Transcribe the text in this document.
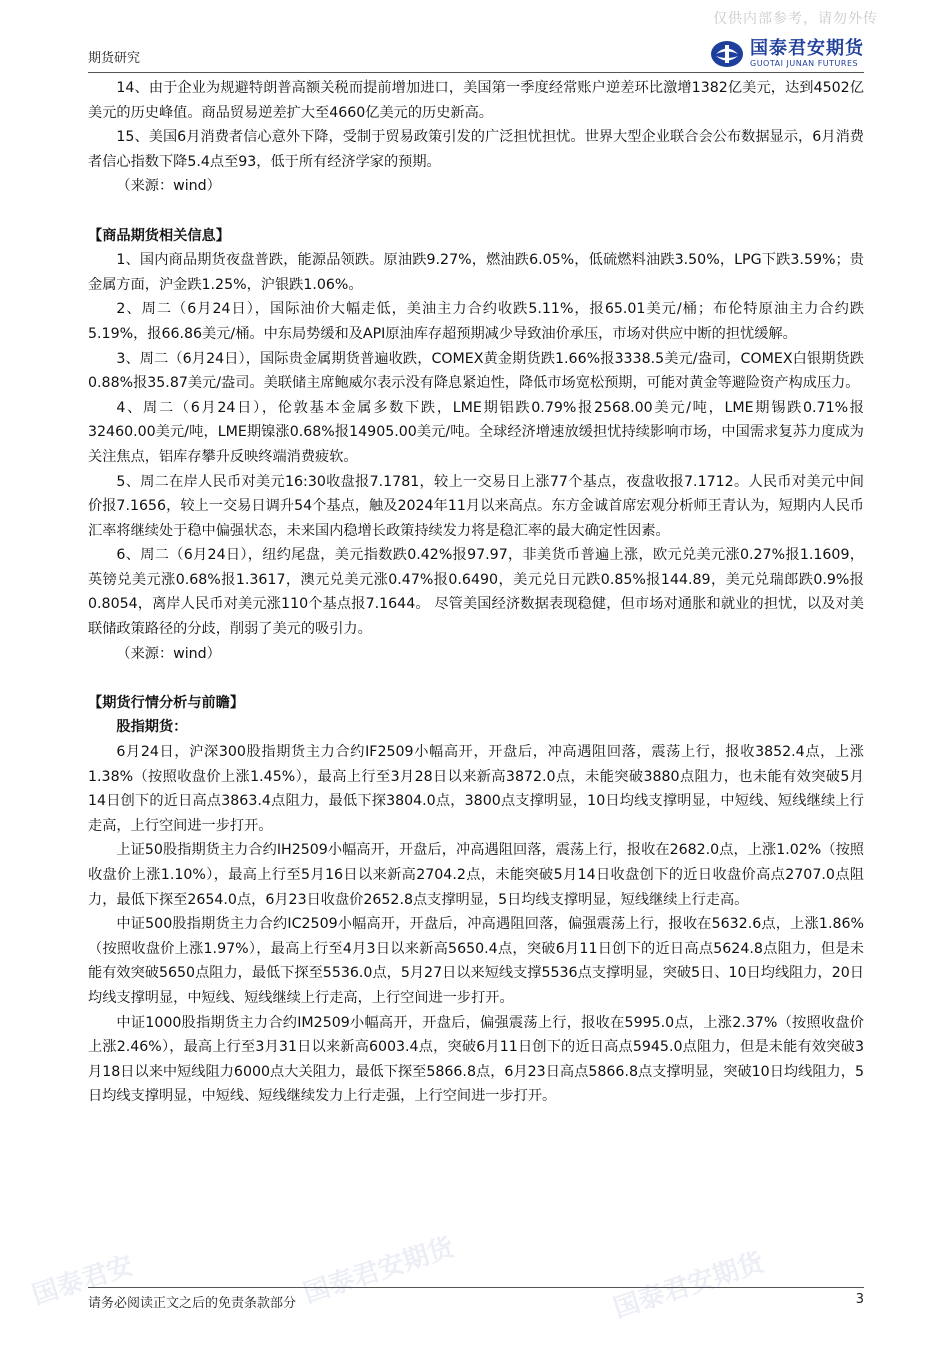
仅供内部参考，请勿外传
期货研究	国泰君安期货
GUOTAI JUNAN FUTURES

14、由于企业为规避特朗普高额关税而提前增加进口，美国第一季度经常账户逆差环比激增1382亿美元，达到4502亿美元的历史峰值。商品贸易逆差扩大至4660亿美元的历史新高。

15、美国6月消费者信心意外下降，受制于贸易政策引发的广泛担忧担忧。世界大型企业联合会公布数据显示，6月消费者信心指数下降5.4点至93，低于所有经济学家的预期。

（来源：wind）

【商品期货相关信息】

1、国内商品期货夜盘普跌，能源品领跌。原油跌9.27%，燃油跌6.05%，低硫燃料油跌3.50%，LPG下跌3.59%；贵金属方面，沪金跌1.25%，沪银跌1.06%。

2、周二（6月24日），国际油价大幅走低，美油主力合约收跌5.11%，报65.01美元/桶；布伦特原油主力合约跌5.19%，报66.86美元/桶。中东局势缓和及API原油库存超预期减少导致油价承压，市场对供应中断的担忧缓解。

3、周二（6月24日），国际贵金属期货普遍收跌，COMEX黄金期货跌1.66%报3338.5美元/盎司，COMEX白银期货跌0.88%报35.87美元/盎司。美联储主席鲍威尔表示没有降息紧迫性，降低市场宽松预期，可能对黄金等避险资产构成压力。

4、周二（6月24日），伦敦基本金属多数下跌，LME期铝跌0.79%报2568.00美元/吨，LME期锡跌0.71%报32460.00美元/吨，LME期镍涨0.68%报14905.00美元/吨。全球经济增速放缓担忧持续影响市场，中国需求复苏力度成为关注焦点，铝库存攀升反映终端消费疲软。

5、周二在岸人民币对美元16:30收盘报7.1781，较上一交易日上涨77个基点，夜盘收报7.1712。人民币对美元中间价报7.1656，较上一交易日调升54个基点，触及2024年11月以来高点。东方金诚首席宏观分析师王青认为，短期内人民币汇率将继续处于稳中偏强状态，未来国内稳增长政策持续发力将是稳汇率的最大确定性因素。

6、周二（6月24日），纽约尾盘，美元指数跌0.42%报97.97，非美货币普遍上涨，欧元兑美元涨0.27%报1.1609，英镑兑美元涨0.68%报1.3617，澳元兑美元涨0.47%报0.6490，美元兑日元跌0.85%报144.89，美元兑瑞郎跌0.9%报0.8054，离岸人民币对美元涨110个基点报7.1644。 尽管美国经济数据表现稳健，但市场对通胀和就业的担忧，以及对美联储政策路径的分歧，削弱了美元的吸引力。

（来源：wind）

【期货行情分析与前瞻】

股指期货：

6月24日，沪深300股指期货主力合约IF2509小幅高开，开盘后，冲高遇阻回落，震荡上行，报收3852.4点，上涨1.38%（按照收盘价上涨1.45%），最高上行至3月28日以来新高3872.0点，未能突破3880点阻力，也未能有效突破5月14日创下的近日高点3863.4点阻力，最低下探3804.0点，3800点支撑明显，10日均线支撑明显，中短线、短线继续上行走高，上行空间进一步打开。

上证50股指期货主力合约IH2509小幅高开，开盘后，冲高遇阻回落，震荡上行，报收在2682.0点，上涨1.02%（按照收盘价上涨1.10%），最高上行至5月16日以来新高2704.2点，未能突破5月14日收盘创下的近日收盘价高点2707.0点阻力，最低下探至2654.0点，6月23日收盘价2652.8点支撑明显，5日均线支撑明显，短线继续上行走高。

中证500股指期货主力合约IC2509小幅高开，开盘后，冲高遇阻回落，偏强震荡上行，报收在5632.6点，上涨1.86%（按照收盘价上涨1.97%），最高上行至4月3日以来新高5650.4点，突破6月11日创下的近日高点5624.8点阻力，但是未能有效突破5650点阻力，最低下探至5536.0点，5月27日以来短线支撑5536点支撑明显，突破5日、10日均线阻力，20日均线支撑明显，中短线、短线继续上行走高，上行空间进一步打开。

中证1000股指期货主力合约IM2509小幅高开，开盘后，偏强震荡上行，报收在5995.0点，上涨2.37%（按照收盘价上涨2.46%），最高上行至3月31日以来新高6003.4点，突破6月11日创下的近日高点5945.0点阻力，但是未能有效突破3月18日以来中短线阻力6000点大关阻力，最低下探至5866.8点，6月23日高点5866.8点支撑明显，突破10日均线阻力，5日均线支撑明显，中短线、短线继续发力上行走强，上行空间进一步打开。

请务必阅读正文之后的免责条款部分	3
国泰君安期货	国泰君安期货
国泰君安
